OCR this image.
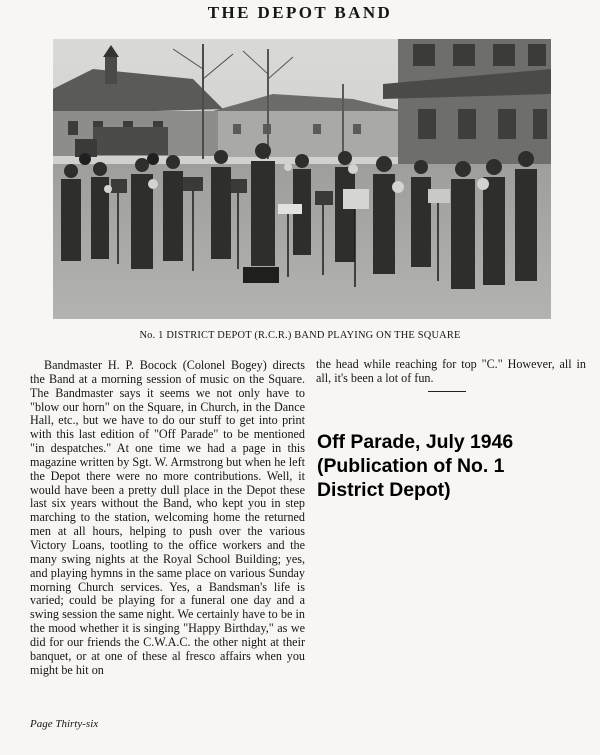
THE DEPOT BAND
No. 1 DISTRICT DEPOT (R.C.R.) BAND PLAYING ON THE SQUARE

Bandmaster H. P. Bocock (Colonel Bogey) directs the Band at a morning session of music on the Square. The Bandmaster says it seems we not only have to "blow our horn" on the Square, in Church, in the Dance Hall, etc., but we have to do our stuff to get into print with this last edition of "Off Parade" to be mentioned "in despatches." At one time we had a page in this magazine written by Sgt. W. Armstrong but when he left the Depot there were no more contributions. Well, it would have been a pretty dull place in the Depot these last six years without the Band, who kept you in step marching to the station, welcoming home the returned men at all hours, helping to push over the various Victory Loans, tootling to the office workers and the many swing nights at the Royal School Building; yes, and playing hymns in the same place on various Sunday morning Church services. Yes, a Bandsman's life is varied; could be playing for a funeral one day and a swing session the same night. We certainly have to be in the mood whether it is singing "Happy Birthday," as we did for our friends the C.W.A.C. the other night at their banquet, or at one of these al fresco affairs when you might be hit on

the head while reaching for top "C." However, all in all, it's been a lot of fun.

Off Parade, July 1946
(Publication of No. 1
District Depot)
Page Thirty-six
